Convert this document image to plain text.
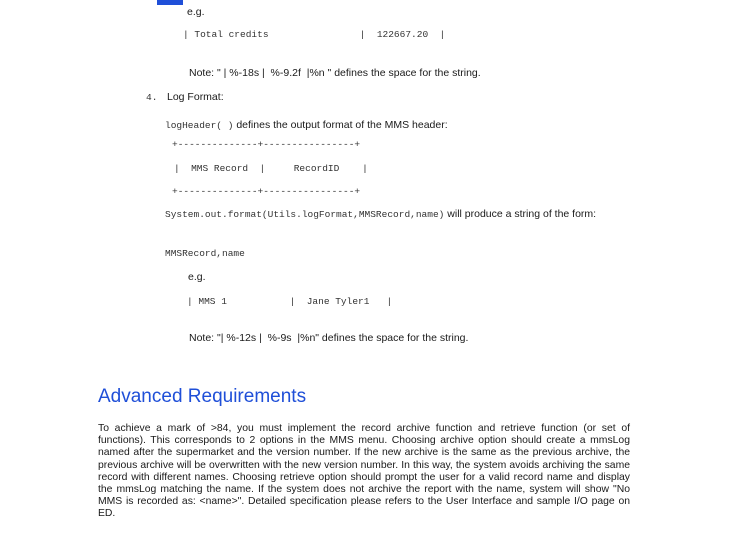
e.g.
| Total credits                |  122667.20  |
Note: " | %-18s |  %-9.2f  |%n " defines the space for the string.
4. Log Format:
logHeader( ) defines the output format of the MMS header:
+--------------+----------------+
|  MMS Record  |     RecordID    |
+--------------+----------------+
System.out.format(Utils.logFormat,MMSRecord,name) will produce a string of the form:
MMSRecord,name
e.g.
| MMS 1           |  Jane Tyler1   |
Note: "| %-12s |  %-9s  |%n" defines the space for the string.
Advanced Requirements
To achieve a mark of >84, you must implement the record archive function and retrieve function (or set of functions). This corresponds to 2 options in the MMS menu. Choosing archive option should create a mmsLog named after the supermarket and the version number. If the new archive is the same as the previous archive, the previous archive will be overwritten with the new version number. In this way, the system avoids archiving the same record with different names. Choosing retrieve option should prompt the user for a valid record name and display the mmsLog matching the name. If the system does not archive the report with the name, system will show "No MMS is recorded as: <name>". Detailed specification please refers to the User Interface and sample I/O page on ED.
